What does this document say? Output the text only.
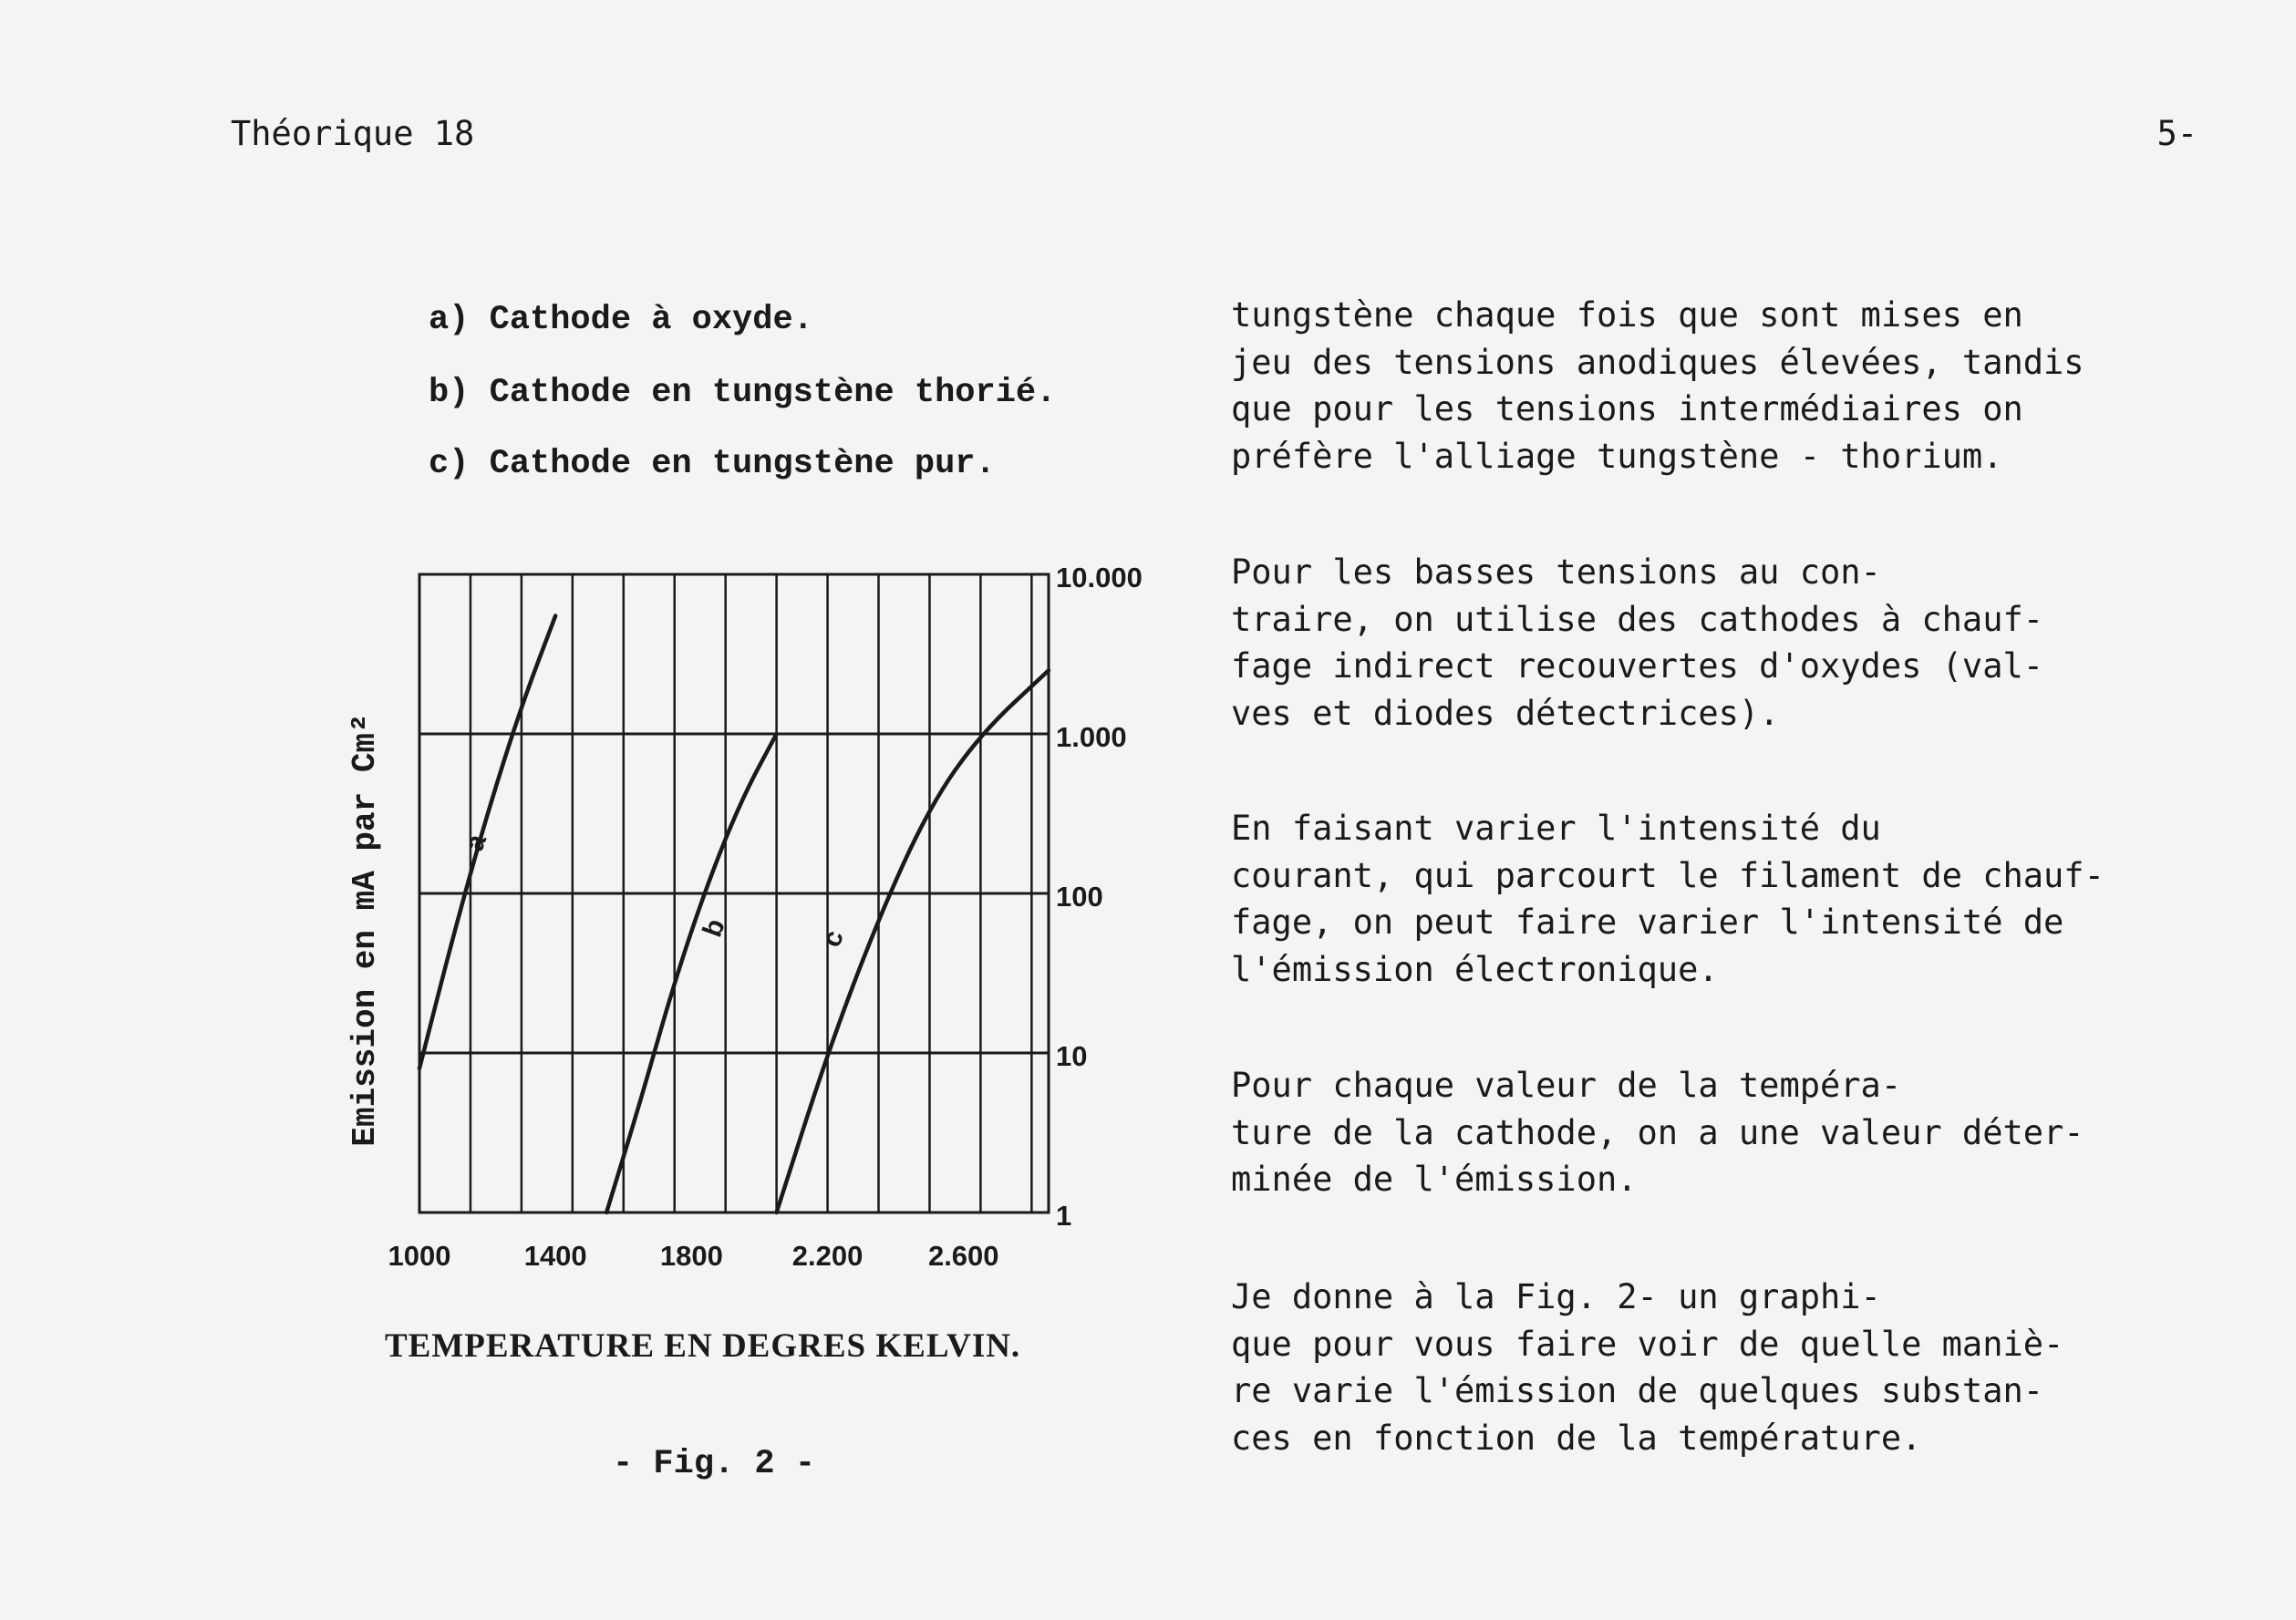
Théorique 18	5-
a) Cathode à oxyde.
b) Cathode en tungstène thorié.
c) Cathode en tungstène pur.
a
b	c
1000	1400	1800 2.200 2.600
1
10
100
1.000
10.000
Emission en mA par Cm²
TEMPERATURE EN DEGRES KELVIN.
- Fig. 2 -
tungstène chaque fois que sont mises en
jeu des tensions anodiques élevées, tandis
que pour les tensions intermédiaires on
préfère l'alliage tungstène - thorium.
Pour les basses tensions au con-
traire, on utilise des cathodes à chauf-
fage indirect recouvertes d'oxydes (val-
ves et diodes détectrices).
En faisant varier l'intensité du
courant, qui parcourt le filament de chauf-
fage, on peut faire varier l'intensité de
l'émission électronique.
Pour chaque valeur de la tempéra-
ture de la cathode, on a une valeur déter-
minée de l'émission.
Je donne à la Fig. 2- un graphi-
que pour vous faire voir de quelle maniè-
re varie l'émission de quelques substan-
ces en fonction de la température.
